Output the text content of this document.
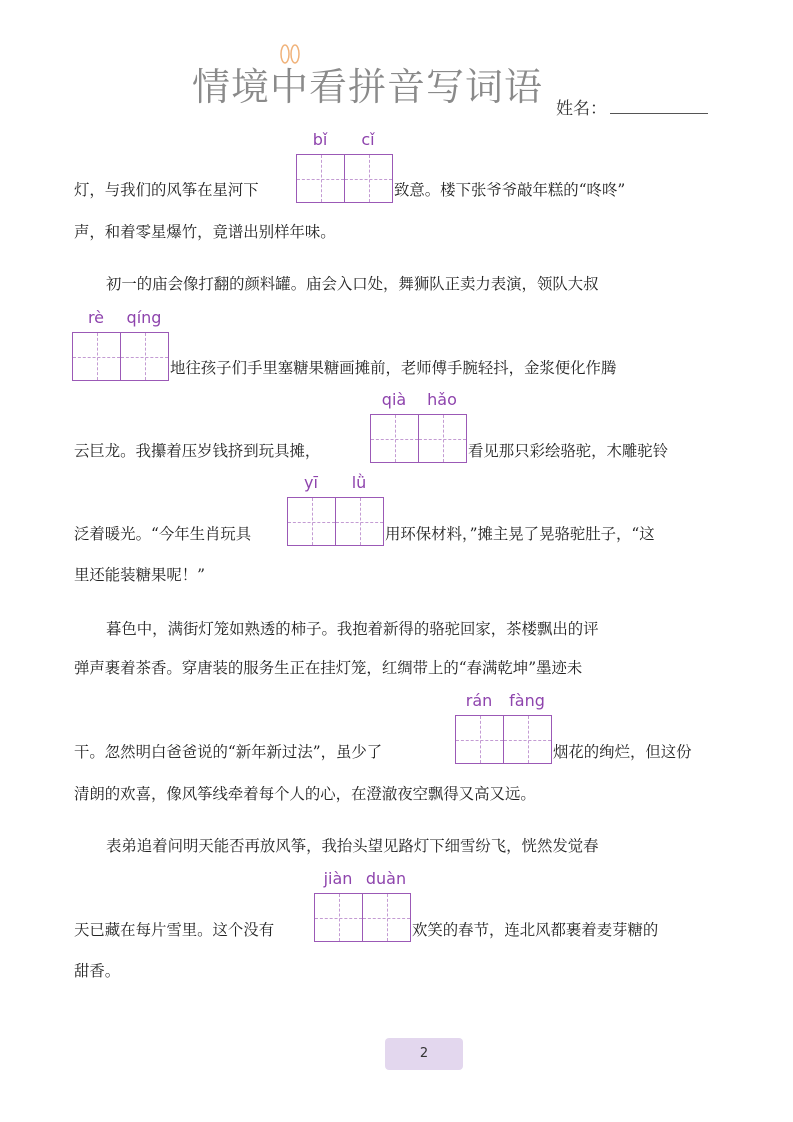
情境中看拼音写词语 姓名：
bǐ	cǐ
灯，与我们的风筝在星河下	致意。楼下张爷爷敲年糕的“咚咚”
声，和着零星爆竹，竟谱出别样年味。
初一的庙会像打翻的颜料罐。庙会入口处，舞狮队正卖力表演，领队大叔
rè	qíng
地往孩子们手里塞糖果糖画摊前，老师傅手腕轻抖，金浆便化作腾
qià	hǎo
云巨龙。我攥着压岁钱挤到玩具摊，	看见那只彩绘骆驼，木雕驼铃
yī	lǜ
泛着暖光。“今年生肖玩具	用环保材料，”摊主晃了晃骆驼肚子，“这
里还能装糖果呢！”
暮色中，满街灯笼如熟透的柿子。我抱着新得的骆驼回家，茶楼飘出的评
弹声裹着茶香。穿唐装的服务生正在挂灯笼，红绸带上的“春满乾坤”墨迹未
rán	fàng
干。忽然明白爸爸说的“新年新过法”，虽少了	烟花的绚烂，但这份
清朗的欢喜，像风筝线牵着每个人的心，在澄澈夜空飘得又高又远。
表弟追着问明天能否再放风筝，我抬头望见路灯下细雪纷飞，恍然发觉春
jiàn duàn
天已藏在每片雪里。这个没有	欢笑的春节，连北风都裹着麦芽糖的
甜香。
2
